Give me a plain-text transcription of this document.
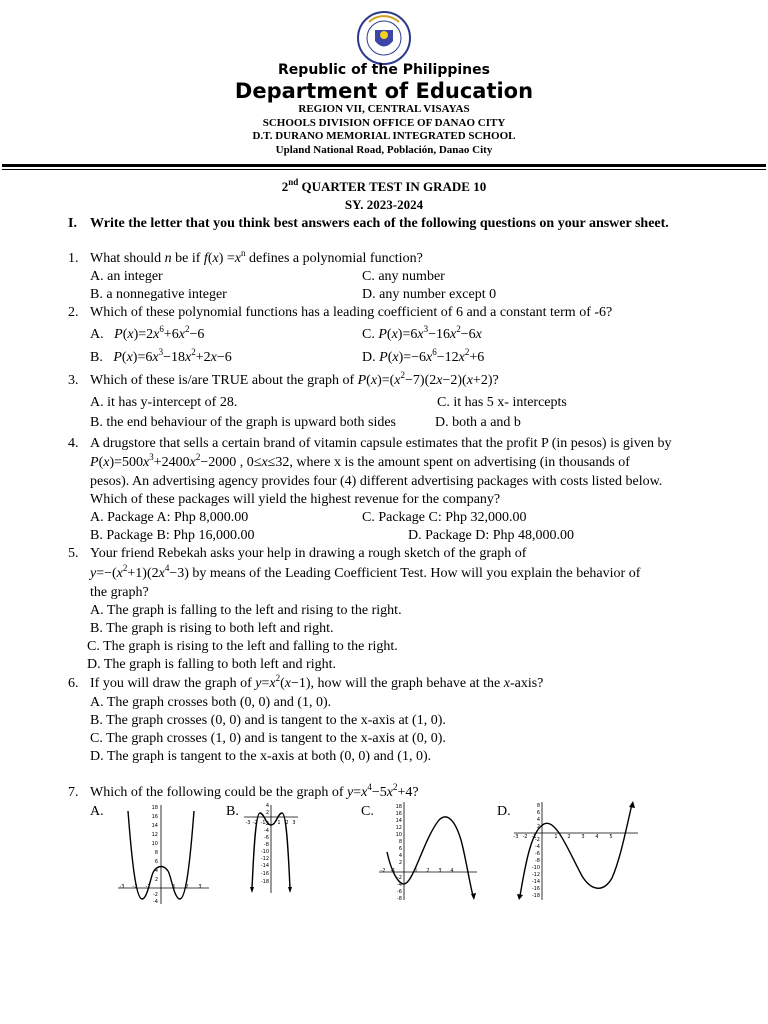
Republic of the Philippines
Department of Education
REGION VII, CENTRAL VISAYAS
SCHOOLS DIVISION OFFICE OF DANAO CITY
D.T. DURANO MEMORIAL INTEGRATED SCHOOL
Upland National Road, Población, Danao City
2nd QUARTER TEST IN GRADE 10
SY. 2023-2024
I. Write the letter that you think best answers each of the following questions on your answer sheet.
1. What should n be if $f(x) =x^n$ defines a polynomial function?
A. an integer	C. any number
B. a nonnegative integer	D. any number except 0
2. Which of these polynomial functions has a leading coefficient of 6 and a constant term of -6?
A. $P(x)=2x^6+6x^2-6$	C. $P(x)=6x^3-16x^2-6x$
B. $P(x)=6x^3-18x^2+2x-6$	D. $P(x)=-6x^6-12x^2+6$
3. Which of these is/are TRUE about the graph of $P(x)=(x^2-7)(2x-2)(x+2)$?
A. it has y-intercept of 28.	C. it has 5 x- intercepts
B. the end behaviour of the graph is upward both sides	D. both a and b
4. A drugstore that sells a certain brand of vitamin capsule estimates that the profit P (in pesos) is given by
$P(x)=500x^3+2400x^2-2000$ , 0≤x≤32, where x is the amount spent on advertising (in thousands of
pesos). An advertising agency provides four (4) different advertising packages with costs listed below.
Which of these packages will yield the highest revenue for the company?
A. Package A: Php 8,000.00	C. Package C: Php 32,000.00
B. Package B: Php 16,000.00	D. Package D: Php 48,000.00
5. Your friend Rebekah asks your help in drawing a rough sketch of the graph of
$y=-(x^2+1)(2x^4-3)$ by means of the Leading Coefficient Test. How will you explain the behavior of
the graph?
A. The graph is falling to the left and rising to the right.
B. The graph is rising to both left and right.
C. The graph is rising to the left and falling to the right.
D. The graph is falling to both left and right.
6. If you will draw the graph of $y=x^2(x-1)$, how will the graph behave at the x-axis?
A. The graph crosses both (0, 0) and (1, 0).
B. The graph crosses (0, 0) and is tangent to the x-axis at (1, 0).
C. The graph crosses (1, 0) and is tangent to the x-axis at (0, 0).
D. The graph is tangent to the x-axis at both (0, 0) and (1, 0).
7. Which of the following could be the graph of $y=x^4-5x^2+4$?
A.	B.	C.	D.
18
16
14
12
10
8
6
4
2
-2
-4
-3 -2 -1	1 2 3
4
2
-2
-4
-6
-8
-10
-12
-14
-16
-18
-3 -2 -1 1 2 3
18
16
14
12
10
8
6
4
2
-2
-4
-6
-8
-2 -1	1 2 3 4
8
6
4
2
-2
-4
-6
-8
-10
-12
-14
-16
-18
-3 -2 -1	1 2 3 4 5
